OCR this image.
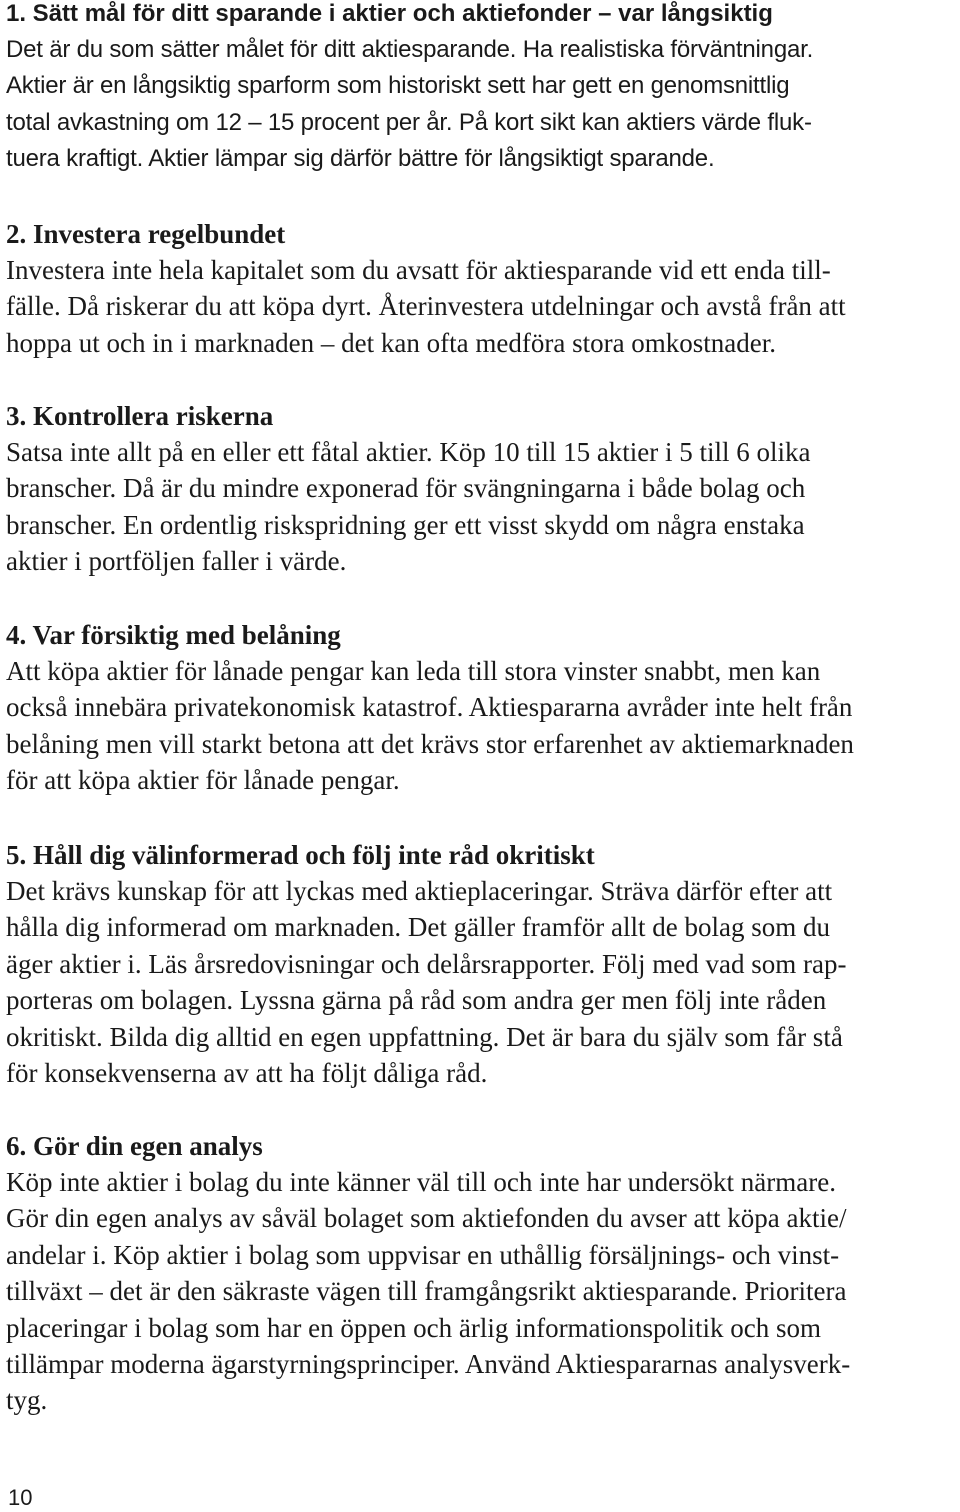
1. Sätt mål för ditt sparande i aktier och aktiefonder – var långsiktig
Det är du som sätter målet för ditt aktiesparande. Ha realistiska förväntningar.
Aktier är en långsiktig sparform som historiskt sett har gett en genomsnittlig
total avkastning om 12 – 15 procent per år. På kort sikt kan aktiers värde fluk-
tuera kraftigt. Aktier lämpar sig därför bättre för långsiktigt sparande.
2. Investera regelbundet
Investera inte hela kapitalet som du avsatt för aktiesparande vid ett enda till-
fälle. Då riskerar du att köpa dyrt. Återinvestera utdelningar och avstå från att
hoppa ut och in i marknaden – det kan ofta medföra stora omkostnader.
3. Kontrollera riskerna
Satsa inte allt på en eller ett fåtal aktier. Köp 10 till 15 aktier i 5 till 6 olika
branscher. Då är du mindre exponerad för svängningarna i både bolag och
branscher. En ordentlig riskspridning ger ett visst skydd om några enstaka
aktier i portföljen faller i värde.
4. Var försiktig med belåning
Att köpa aktier för lånade pengar kan leda till stora vinster snabbt, men kan
också innebära privatekonomisk katastrof. Aktiespararna avråder inte helt från
belåning men vill starkt betona att det krävs stor erfarenhet av aktiemarknaden
för att köpa aktier för lånade pengar.
5. Håll dig välinformerad och följ inte råd okritiskt
Det krävs kunskap för att lyckas med aktieplaceringar. Sträva därför efter att
hålla dig informerad om marknaden. Det gäller framför allt de bolag som du
äger aktier i. Läs årsredovisningar och delårsrapporter. Följ med vad som rap-
porteras om bolagen. Lyssna gärna på råd som andra ger men följ inte råden
okritiskt. Bilda dig alltid en egen uppfattning. Det är bara du själv som får stå
för konsekvenserna av att ha följt dåliga råd.
6. Gör din egen analys
Köp inte aktier i bolag du inte känner väl till och inte har undersökt närmare.
Gör din egen analys av såväl bolaget som aktiefonden du avser att köpa aktie/
andelar i. Köp aktier i bolag som uppvisar en uthållig försäljnings- och vinst-
tillväxt – det är den säkraste vägen till framgångsrikt aktiesparande. Prioritera
placeringar i bolag som har en öppen och ärlig informationspolitik och som
tillämpar moderna ägarstyrningsprinciper. Använd Aktiespararnas analysverk-
tyg.
10
